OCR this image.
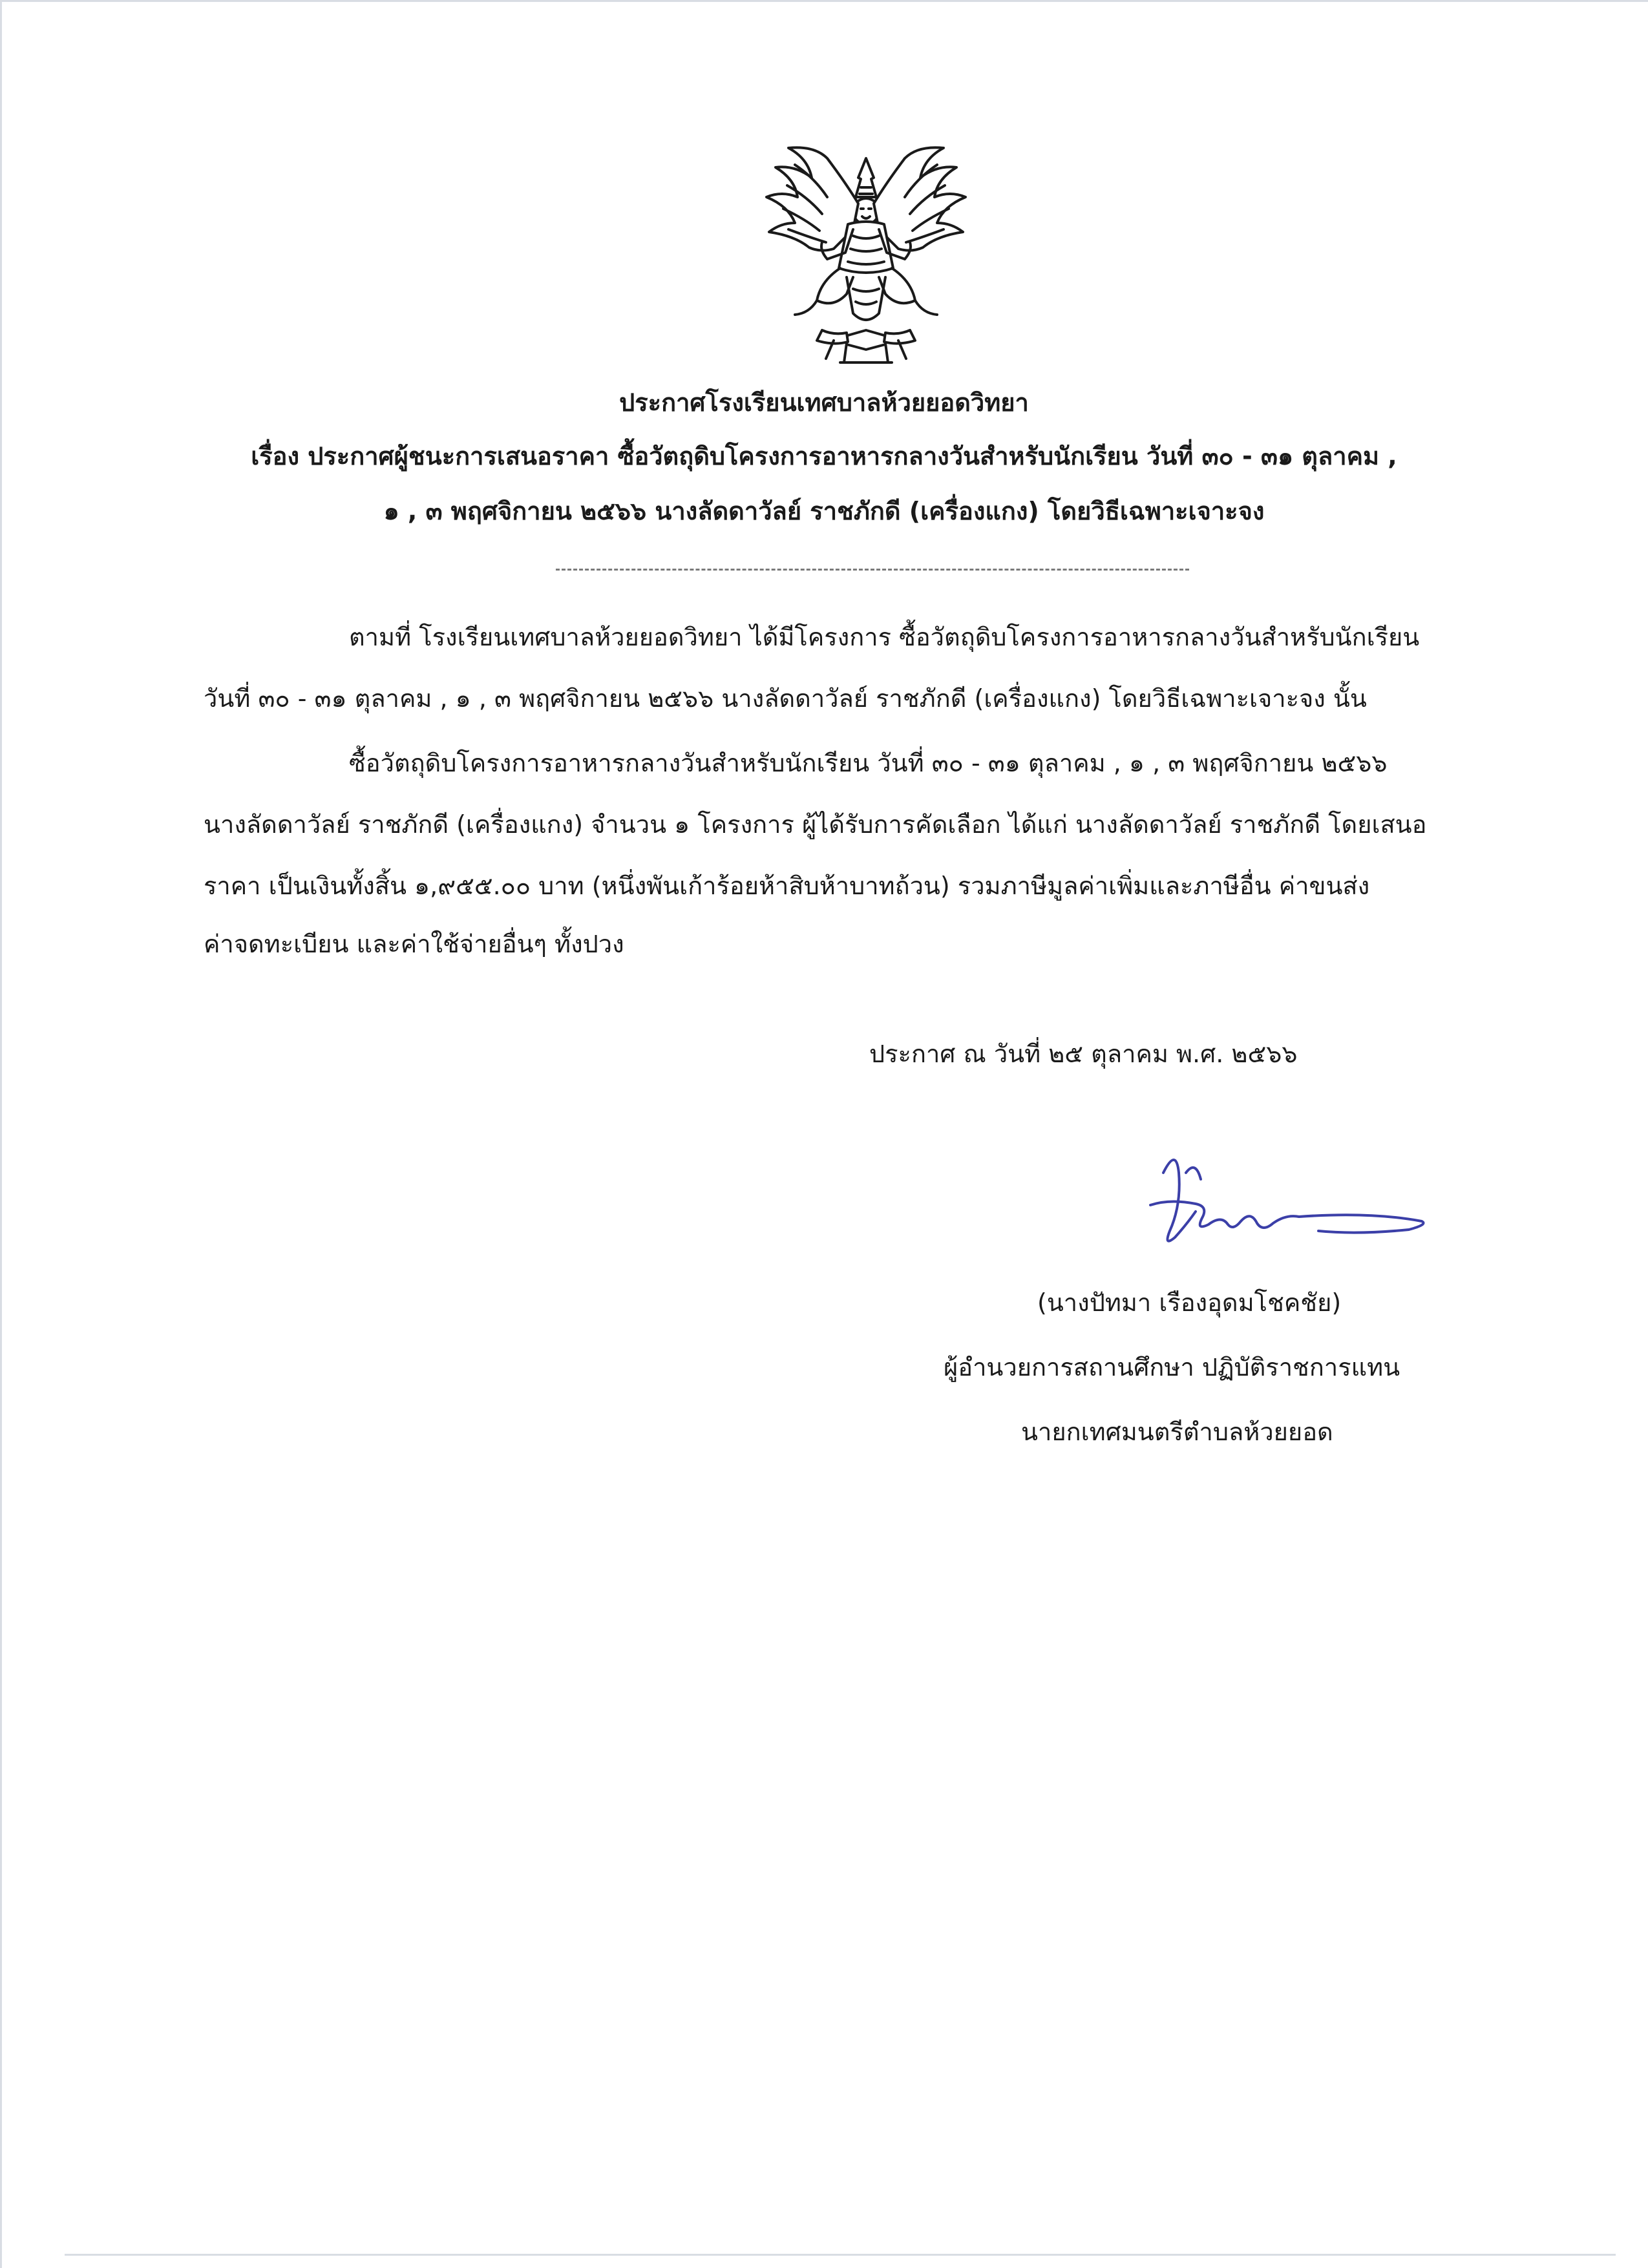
ประกาศโรงเรียนเทศบาลห้วยยอดวิทยา
เรื่อง ประกาศผู้ชนะการเสนอราคา ซื้อวัตถุดิบโครงการอาหารกลางวันสำหรับนักเรียน วันที่ ๓๐ - ๓๑ ตุลาคม ,
๑ , ๓ พฤศจิกายน ๒๕๖๖ นางลัดดาวัลย์ ราชภักดี (เครื่องแกง) โดยวิธีเฉพาะเจาะจง
ตามที่ โรงเรียนเทศบาลห้วยยอดวิทยา ได้มีโครงการ ซื้อวัตถุดิบโครงการอาหารกลางวันสำหรับนักเรียน
วันที่ ๓๐ - ๓๑ ตุลาคม , ๑ , ๓ พฤศจิกายน ๒๕๖๖ นางลัดดาวัลย์ ราชภักดี (เครื่องแกง) โดยวิธีเฉพาะเจาะจง นั้น
ซื้อวัตถุดิบโครงการอาหารกลางวันสำหรับนักเรียน วันที่ ๓๐ - ๓๑ ตุลาคม , ๑ , ๓ พฤศจิกายน ๒๕๖๖
นางลัดดาวัลย์ ราชภักดี (เครื่องแกง) จำนวน ๑ โครงการ ผู้ได้รับการคัดเลือก ได้แก่ นางลัดดาวัลย์ ราชภักดี โดยเสนอ
ราคา เป็นเงินทั้งสิ้น ๑,๙๕๕.๐๐ บาท (หนึ่งพันเก้าร้อยห้าสิบห้าบาทถ้วน) รวมภาษีมูลค่าเพิ่มและภาษีอื่น ค่าขนส่ง
ค่าจดทะเบียน และค่าใช้จ่ายอื่นๆ ทั้งปวง
ประกาศ ณ วันที่ ๒๕ ตุลาคม พ.ศ. ๒๕๖๖
(นางปัทมา เรืองอุดมโชคชัย)
ผู้อำนวยการสถานศึกษา ปฏิบัติราชการแทน
นายกเทศมนตรีตำบลห้วยยอด
